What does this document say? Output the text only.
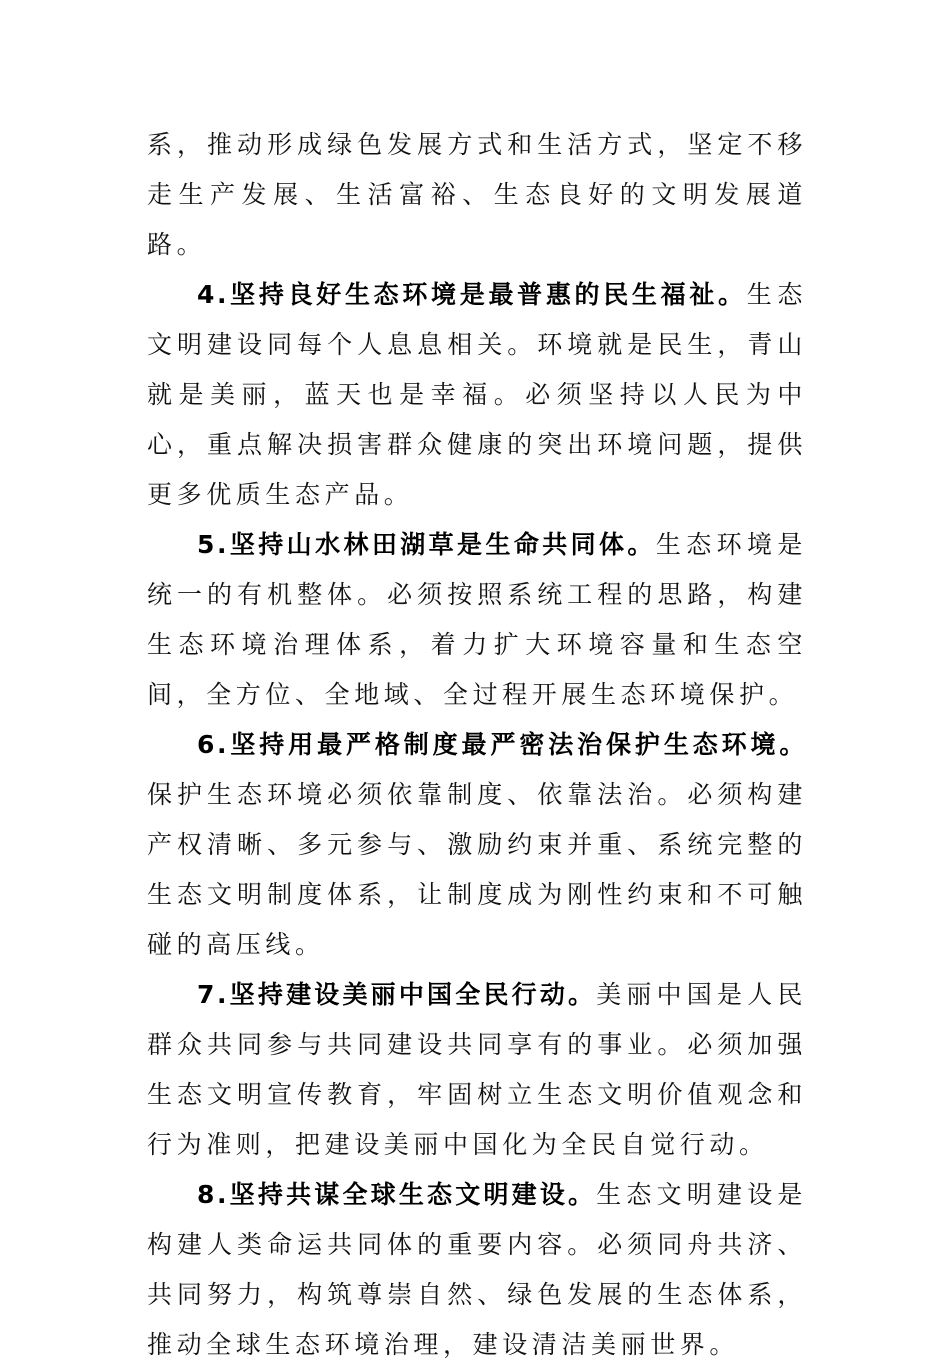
系，推动形成绿色发展方式和生活方式，坚定不移走生产发展、生活富裕、生态良好的文明发展道路。

4.坚持良好生态环境是最普惠的民生福祉。生态文明建设同每个人息息相关。环境就是民生，青山就是美丽，蓝天也是幸福。必须坚持以人民为中心，重点解决损害群众健康的突出环境问题，提供更多优质生态产品。

5.坚持山水林田湖草是生命共同体。生态环境是统一的有机整体。必须按照系统工程的思路，构建生态环境治理体系，着力扩大环境容量和生态空间，全方位、全地域、全过程开展生态环境保护。

6.坚持用最严格制度最严密法治保护生态环境。保护生态环境必须依靠制度、依靠法治。必须构建产权清晰、多元参与、激励约束并重、系统完整的生态文明制度体系，让制度成为刚性约束和不可触碰的高压线。

7.坚持建设美丽中国全民行动。美丽中国是人民群众共同参与共同建设共同享有的事业。必须加强生态文明宣传教育，牢固树立生态文明价值观念和行为准则，把建设美丽中国化为全民自觉行动。

8.坚持共谋全球生态文明建设。生态文明建设是构建人类命运共同体的重要内容。必须同舟共济、共同努力，构筑尊崇自然、绿色发展的生态体系，推动全球生态环境治理，建设清洁美丽世界。
